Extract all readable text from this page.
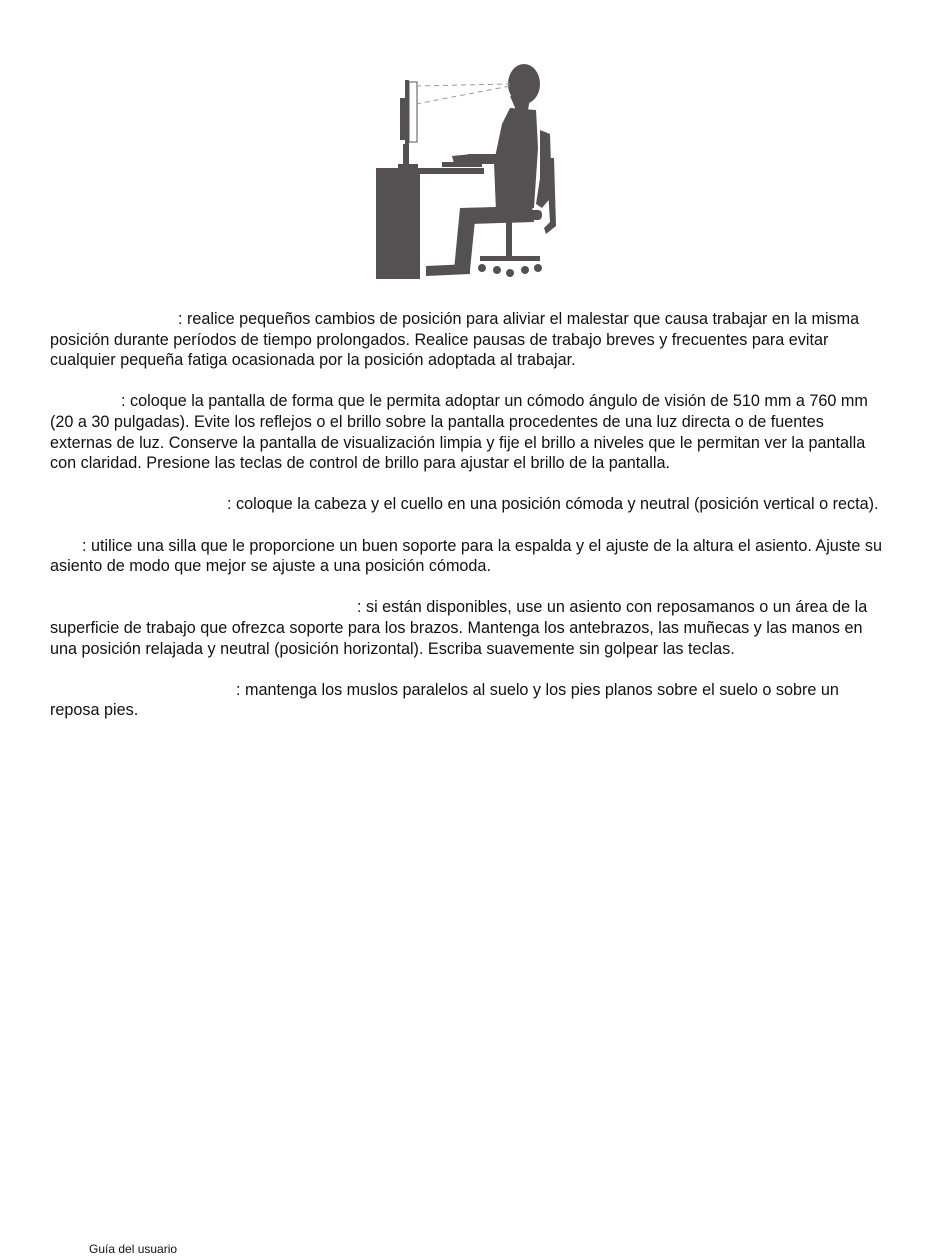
: realice pequeños cambios de posición para aliviar el malestar que causa trabajar en la misma posición durante períodos de tiempo prolongados. Realice pausas de trabajo breves y frecuentes para evitar cualquier pequeña fatiga ocasionada por la posición adoptada al trabajar.

: coloque la pantalla de forma que le permita adoptar un cómodo ángulo de visión de 510 mm a 760 mm (20 a 30 pulgadas). Evite los reflejos o el brillo sobre la pantalla procedentes de una luz directa o de fuentes externas de luz. Conserve la pantalla de visualización limpia y fije el brillo a niveles que le permitan ver la pantalla con claridad. Presione las teclas de control de brillo para ajustar el brillo de la pantalla.

: coloque la cabeza y el cuello en una posición cómoda y neutral (posición vertical o recta).

: utilice una silla que le proporcione un buen soporte para la espalda y el ajuste de la altura el asiento. Ajuste su asiento de modo que mejor se ajuste a una posición cómoda.

: si están disponibles, use un asiento con reposamanos o un área de la superficie de trabajo que ofrezca soporte para los brazos. Mantenga los antebrazos, las muñecas y las manos en una posición relajada y neutral (posición horizontal). Escriba suavemente sin golpear las teclas.

: mantenga los muslos paralelos al suelo y los pies planos sobre el suelo o sobre un reposa pies.

Guía del usuario
